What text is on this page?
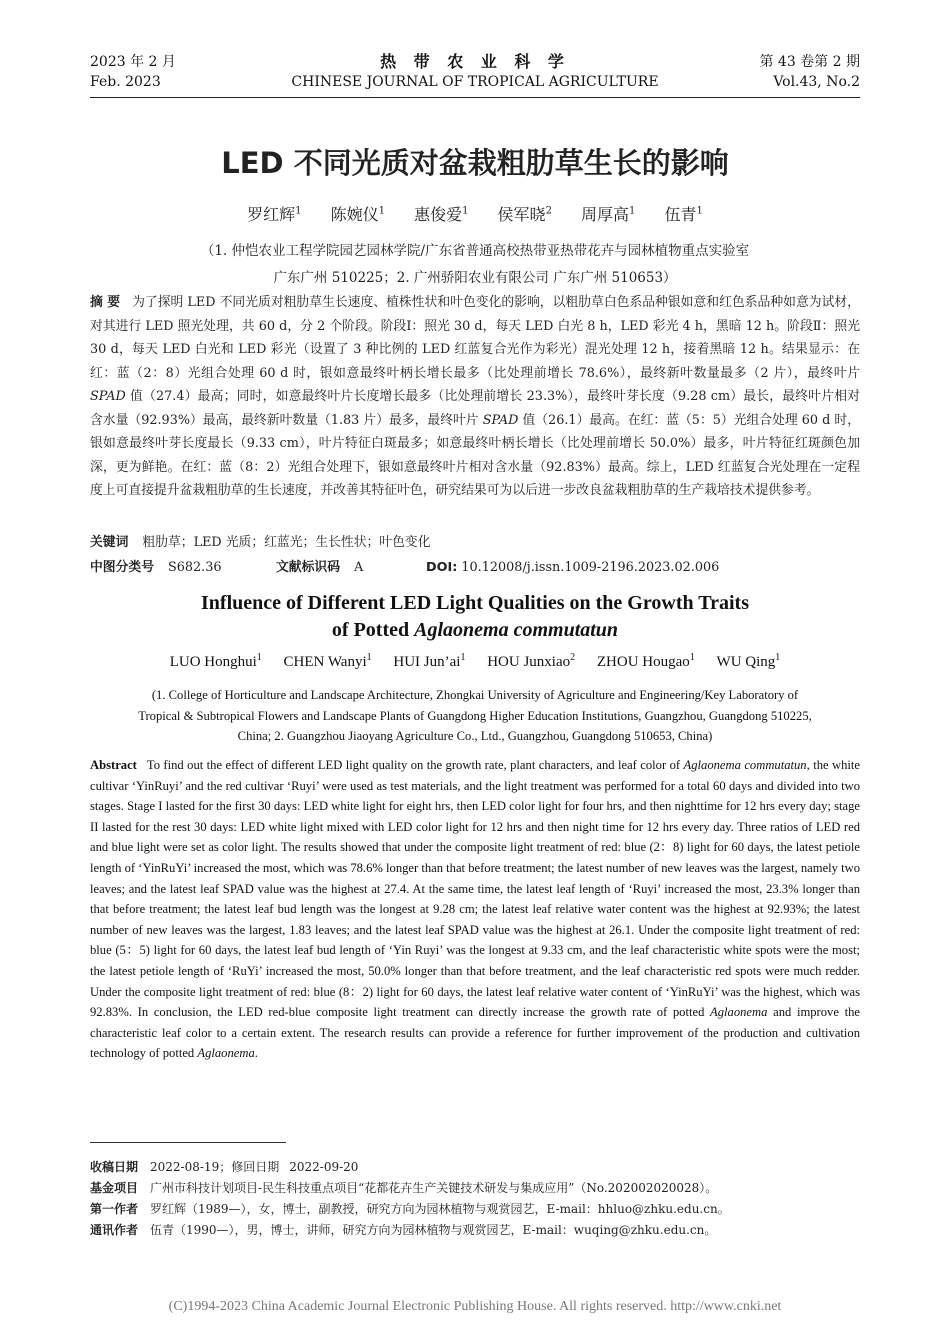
热 带 农 业 科 学
CHINESE JOURNAL OF TROPICAL AGRICULTURE
2023 年 2 月
Feb. 2023
第 43 卷第 2 期
Vol.43, No.2
LED 不同光质对盆栽粗肋草生长的影响
罗红辉$^1$ 陈婉仪$^1$ 惠俊爱$^1$ 侯军晓$^2$ 周厚高$^1$ 伍青$^1$
（1. 仲恺农业工程学院园艺园林学院/广东省普通高校热带亚热带花卉与园林植物重点实验室
广东广州 510225；2. 广州骄阳农业有限公司 广东广州 510653）
摘 要 为了探明 LED 不同光质对粗肋草生长速度、植株性状和叶色变化的影响，以粗肋草白色系品种银如意和红色系品种如意为试材，对其进行 LED 照光处理，共 60 d，分 2 个阶段。阶段Ⅰ：照光 30 d，每天 LED 白光 8 h，LED 彩光 4 h，黑暗 12 h。阶段Ⅱ：照光 30 d，每天 LED 白光和 LED 彩光（设置了 3 种比例的 LED 红蓝复合光作为彩光）混光处理 12 h，接着黑暗 12 h。结果显示：在红：蓝（2：8）光组合处理 60 d 时，银如意最终叶柄长增长最多（比处理前增长 78.6%），最终新叶数量最多（2 片），最终叶片 SPAD 值（27.4）最高；同时，如意最终叶片长度增长最多（比处理前增长 23.3%），最终叶芽长度（9.28 cm）最长，最终叶片相对含水量（92.93%）最高，最终新叶数量（1.83 片）最多，最终叶片 SPAD 值（26.1）最高。在红：蓝（5：5）光组合处理 60 d 时，银如意最终叶芽长度最长（9.33 cm），叶片特征白斑最多；如意最终叶柄长增长（比处理前增长 50.0%）最多，叶片特征红斑颜色加深，更为鲜艳。在红：蓝（8：2）光组合处理下，银如意最终叶片相对含水量（92.83%）最高。综上，LED 红蓝复合光处理在一定程度上可直接提升盆栽粗肋草的生长速度，并改善其特征叶色，研究结果可为以后进一步改良盆栽粗肋草的生产栽培技术提供参考。
关键词 粗肋草；LED 光质；红蓝光；生长性状；叶色变化
中图分类号 S682.36	文献标识码 A	DOI: 10.12008/j.issn.1009-2196.2023.02.006
Influence of Different LED Light Qualities on the Growth Traits
of Potted Aglaonema commutatun
LUO Honghui$^1$ CHEN Wanyi$^1$ HUI $Jun’ai^1$ HOU Junxiao$^2$ ZHOU Hougao$^1$ WU Qing$^1$
(1. College of Horticulture and Landscape Architecture, Zhongkai University of Agriculture and Engineering/Key Laboratory of
Tropical & Subtropical Flowers and Landscape Plants of Guangdong Higher Education Institutions, Guangzhou, Guangdong 510225,
China; 2. Guangzhou Jiaoyang Agriculture Co., Ltd., Guangzhou, Guangdong 510653, China)
Abstract To find out the effect of different LED light quality on the growth rate, plant characters, and leaf color of Aglaonema commutatun, the white cultivar ‘YinRuyi’ and the red cultivar ‘Ruyi’ were used as test materials, and the light treatment was performed for a total 60 days and divided into two stages. Stage I lasted for the first 30 days: LED white light for eight hrs, then LED color light for four hrs, and then nighttime for 12 hrs every day; stage II lasted for the rest 30 days: LED white light mixed with LED color light for 12 hrs and then night time for 12 hrs every day. Three ratios of LED red and blue light were set as color light. The results showed that under the composite light treatment of red: blue (2：8) light for 60 days, the latest petiole length of ‘YinRuYi’ increased the most, which was 78.6% longer than that before treatment; the latest number of new leaves was the largest, namely two leaves; and the latest leaf SPAD value was the highest at 27.4. At the same time, the latest leaf length of ‘Ruyi’ increased the most, 23.3% longer than that before treatment; the latest leaf bud length was the longest at 9.28 cm; the latest leaf relative water content was the highest at 92.93%; the latest number of new leaves was the largest, 1.83 leaves; and the latest leaf SPAD value was the highest at 26.1. Under the composite light treatment of red: blue (5：5) light for 60 days, the latest leaf bud length of ‘Yin Ruyi’ was the longest at 9.33 cm, and the leaf characteristic white spots were the most; the latest petiole length of ‘RuYi’ increased the most, 50.0% longer than that before treatment, and the leaf characteristic red spots were much redder. Under the composite light treatment of red: blue (8：2) light for 60 days, the latest leaf relative water content of ‘YinRuYi’ was the highest, which was 92.83%. In conclusion, the LED red-blue composite light treatment can directly increase the growth rate of potted Aglaonema and improve the characteristic leaf color to a certain extent. The research results can provide a reference for further improvement of the production and cultivation technology of potted Aglaonema.
收稿日期 2022-08-19；修回日期 2022-09-20
基金项目 广州市科技计划项目-民生科技重点项目“花都花卉生产关键技术研发与集成应用”（No.202002020028）。
第一作者 罗红辉（1989—），女，博士，副教授，研究方向为园林植物与观赏园艺，E-mail：hhluo@zhku.edu.cn。
通讯作者 伍青（1990—），男，博士，讲师，研究方向为园林植物与观赏园艺，E-mail：wuqing@zhku.edu.cn。
(C)1994-2023 China Academic Journal Electronic Publishing House. All rights reserved. http://www.cnki.net
